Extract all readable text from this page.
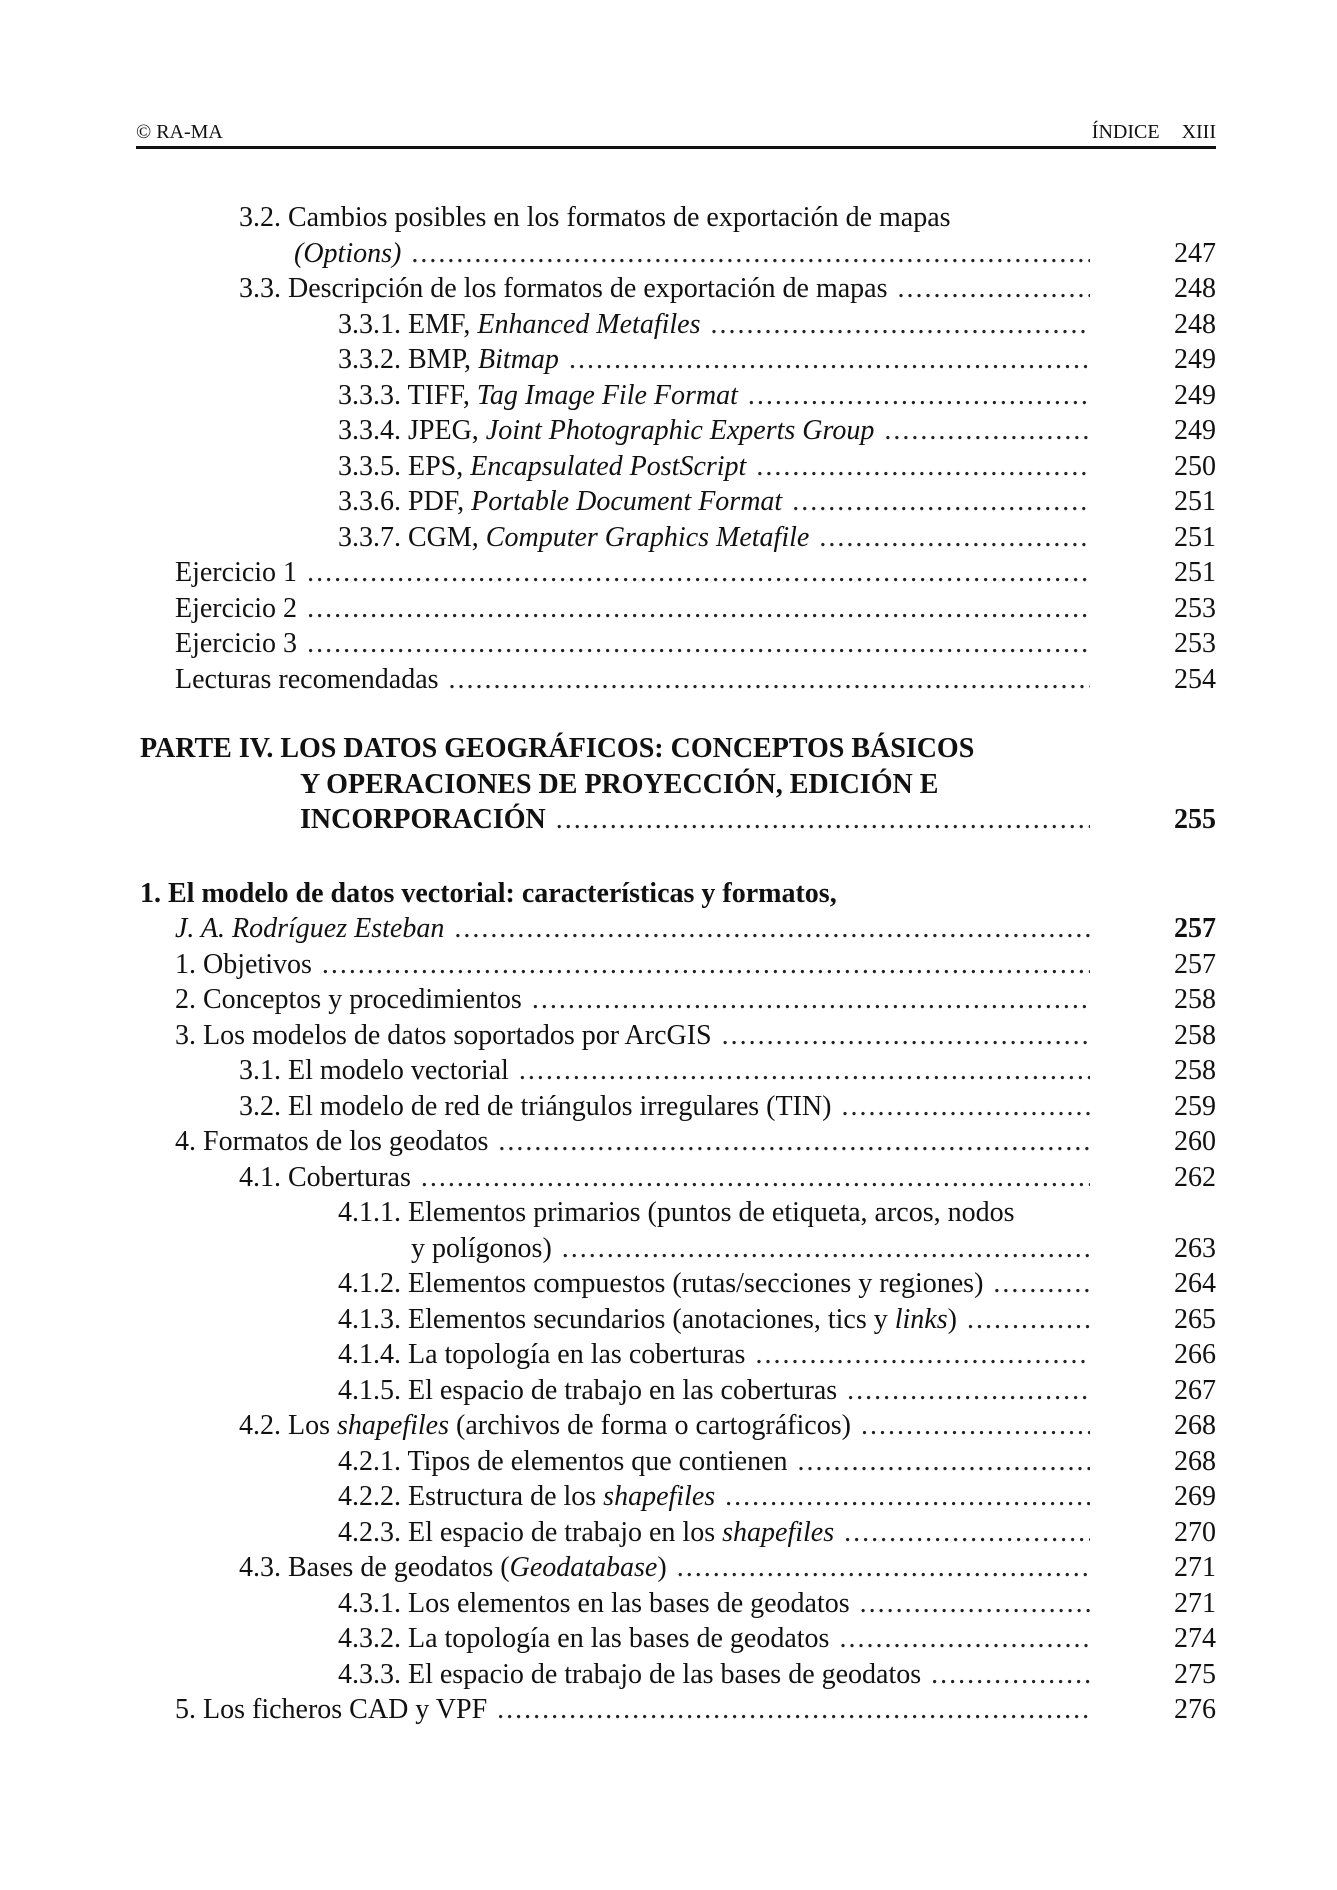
© RA-MA	ÍNDICE XIII
3.2. Cambios posibles en los formatos de exportación de mapas
(Options) .....	247
3.3. Descripción de los formatos de exportación de mapas .....	248
3.3.1. EMF, Enhanced Metafiles .....	248
3.3.2. BMP, Bitmap .....	249
3.3.3. TIFF, Tag Image File Format .....	249
3.3.4. JPEG, Joint Photographic Experts Group .....	249
3.3.5. EPS, Encapsulated PostScript .....	250
3.3.6. PDF, Portable Document Format .....	251
3.3.7. CGM, Computer Graphics Metafile .....	251
Ejercicio 1 .....	251
Ejercicio 2 .....	253
Ejercicio 3 .....	253
Lecturas recomendadas .....	254
PARTE IV. LOS DATOS GEOGRÁFICOS: CONCEPTOS BÁSICOS
Y OPERACIONES DE PROYECCIÓN, EDICIÓN E
INCORPORACIÓN .....	255
1. El modelo de datos vectorial: características y formatos,
J. A. Rodríguez Esteban .....	257
1. Objetivos .....	257
2. Conceptos y procedimientos .....	258
3. Los modelos de datos soportados por ArcGIS .....	258
3.1. El modelo vectorial .....	258
3.2. El modelo de red de triángulos irregulares (TIN) .....	259
4. Formatos de los geodatos .....	260
4.1. Coberturas .....	262
4.1.1. Elementos primarios (puntos de etiqueta, arcos, nodos
y polígonos) .....	263
4.1.2. Elementos compuestos (rutas/secciones y regiones) .....	264
4.1.3. Elementos secundarios (anotaciones, tics y links) .....	265
4.1.4. La topología en las coberturas .....	266
4.1.5. El espacio de trabajo en las coberturas .....	267
4.2. Los shapefiles (archivos de forma o cartográficos) .....	268
4.2.1. Tipos de elementos que contienen .....	268
4.2.2. Estructura de los shapefiles .....	269
4.2.3. El espacio de trabajo en los shapefiles .....	270
4.3. Bases de geodatos (Geodatabase) .....	271
4.3.1. Los elementos en las bases de geodatos .....	271
4.3.2. La topología en las bases de geodatos .....	274
4.3.3. El espacio de trabajo de las bases de geodatos .....	275
5. Los ficheros CAD y VPF .....	276
